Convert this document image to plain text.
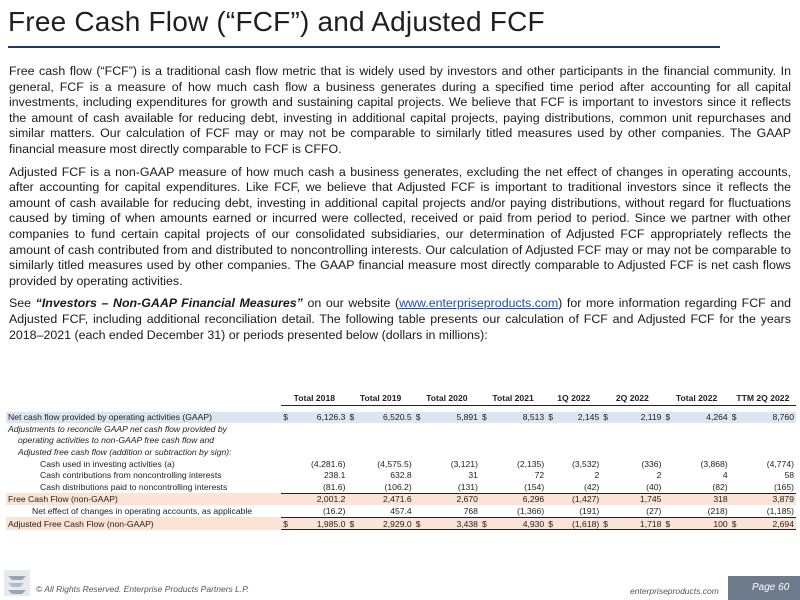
Free Cash Flow (“FCF”) and Adjusted FCF

Free cash flow (“FCF”) is a traditional cash flow metric that is widely used by investors and other participants in the financial community. In general, FCF is a measure of how much cash flow a business generates during a specified time period after accounting for all capital investments, including expenditures for growth and sustaining capital projects. We believe that FCF is important to investors since it reflects the amount of cash available for reducing debt, investing in additional capital projects, paying distributions, common unit repurchases and similar matters. Our calculation of FCF may or may not be comparable to similarly titled measures used by other companies. The GAAP financial measure most directly comparable to FCF is CFFO.

Adjusted FCF is a non-GAAP measure of how much cash a business generates, excluding the net effect of changes in operating accounts, after accounting for capital expenditures. Like FCF, we believe that Adjusted FCF is important to traditional investors since it reflects the amount of cash available for reducing debt, investing in additional capital projects and/or paying distributions, without regard for fluctuations caused by timing of when amounts earned or incurred were collected, received or paid from period to period. Since we partner with other companies to fund certain capital projects of our consolidated subsidiaries, our determination of Adjusted FCF appropriately reflects the amount of cash contributed from and distributed to noncontrolling interests. Our calculation of Adjusted FCF may or may not be comparable to similarly titled measures used by other companies. The GAAP financial measure most directly comparable to Adjusted FCF is net cash flows provided by operating activities.

See “Investors – Non-GAAP Financial Measures” on our website (www.enterpriseproducts.com) for more information regarding FCF and Adjusted FCF, including additional reconciliation detail. The following table presents our calculation of FCF and Adjusted FCF for the years 2018–2021 (each ended December 31) or periods presented below (dollars in millions):

	Total 2018		Total 2019		Total 2020		Total 2021		1Q 2022		2Q 2022		Total 2022		TTM 2Q 2022	

Net cash flow provided by operating activities (GAAP)	$	6,126.3	$	6,520.5	$	5,891	$	8,513	$	2,145	$	2,119	$	4,264	$	8,760
Adjustments to reconcile GAAP net cash flow provided by																
operating activities to non-GAAP free cash flow and																
Adjusted free cash flow (addition or subtraction by sign):																
Cash used in investing activities (a)		(4,281.6)		(4,575.5)		(3,121)		(2,135)		(3,532)		(336)		(3,868)		(4,774)
Cash contributions from noncontrolling interests		238.1		632.8		31		72		2		2		4		58
Cash distributions paid to noncontrolling interests		(81.6)		(106.2)		(131)		(154)		(42)		(40)		(82)		(165)
Free Cash Flow (non-GAAP)		2,001.2		2,471.6		2,670		6,296		(1,427)		1,745		318		3,879
Net effect of changes in operating accounts, as applicable		(16.2)		457.4		768		(1,366)		(191)		(27)		(218)		(1,185)
Adjusted Free Cash Flow (non-GAAP)	$	1,985.0	$	2,929.0	$	3,438	$	4,930	$	(1,618)	$	1,718	$	100	$	2,694
© All Rights Reserved. Enterprise Products Partners L.P.	enterpriseproducts.com	Page 60
